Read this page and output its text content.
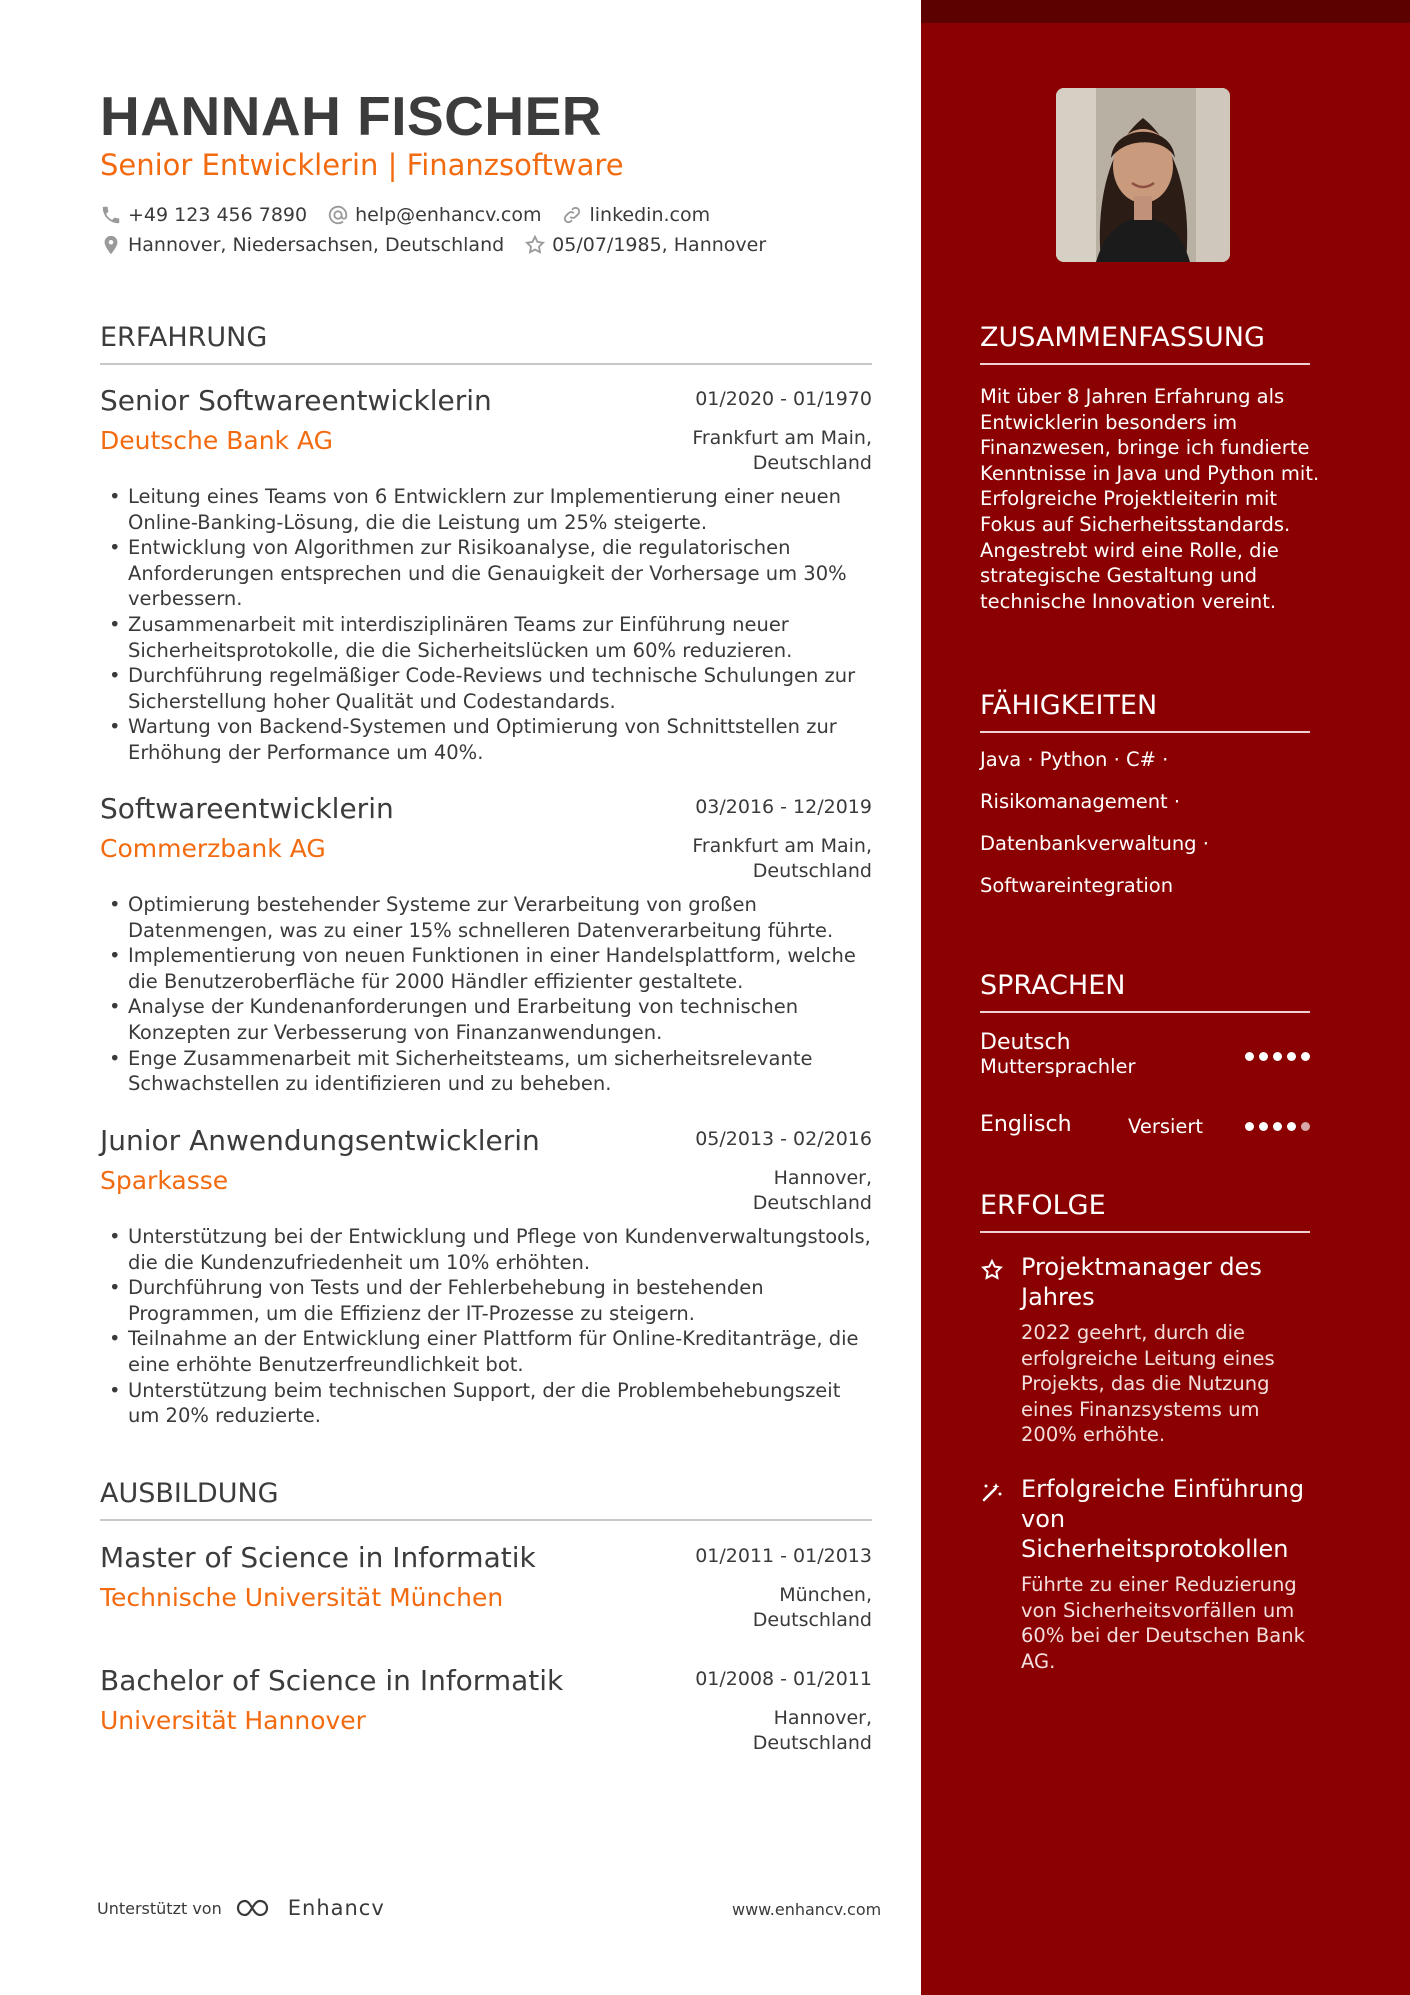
HANNAH FISCHER
Senior Entwicklerin | Finanzsoftware
+49 123 456 7890	help@enhancv.com	linkedin.com
Hannover, Niedersachsen, Deutschland	05/07/1985, Hannover
ERFAHRUNG
Senior Softwareentwicklerin	01/2020 - 01/1970
Deutsche Bank AG	Frankfurt am Main,
Deutschland
• Leitung eines Teams von 6 Entwicklern zur Implementierung einer neuen Online-Banking-Lösung, die die Leistung um 25% steigerte.
• Entwicklung von Algorithmen zur Risikoanalyse, die regulatorischen Anforderungen entsprechen und die Genauigkeit der Vorhersage um 30% verbessern.
• Zusammenarbeit mit interdisziplinären Teams zur Einführung neuer Sicherheitsprotokolle, die die Sicherheitslücken um 60% reduzieren.
• Durchführung regelmäßiger Code-Reviews und technische Schulungen zur Sicherstellung hoher Qualität und Codestandards.
• Wartung von Backend-Systemen und Optimierung von Schnittstellen zur Erhöhung der Performance um 40%.
Softwareentwicklerin	03/2016 - 12/2019
Commerzbank AG	Frankfurt am Main,
Deutschland
• Optimierung bestehender Systeme zur Verarbeitung von großen Datenmengen, was zu einer 15% schnelleren Datenverarbeitung führte.
• Implementierung von neuen Funktionen in einer Handelsplattform, welche die Benutzeroberfläche für 2000 Händler effizienter gestaltete.
• Analyse der Kundenanforderungen und Erarbeitung von technischen Konzepten zur Verbesserung von Finanzanwendungen.
• Enge Zusammenarbeit mit Sicherheitsteams, um sicherheitsrelevante Schwachstellen zu identifizieren und zu beheben.
Junior Anwendungsentwicklerin	05/2013 - 02/2016
Sparkasse	Hannover,
Deutschland
• Unterstützung bei der Entwicklung und Pflege von Kundenverwaltungstools, die die Kundenzufriedenheit um 10% erhöhten.
• Durchführung von Tests und der Fehlerbehebung in bestehenden Programmen, um die Effizienz der IT-Prozesse zu steigern.
• Teilnahme an der Entwicklung einer Plattform für Online-Kreditanträge, die eine erhöhte Benutzerfreundlichkeit bot.
• Unterstützung beim technischen Support, der die Problembehebungszeit um 20% reduzierte.
AUSBILDUNG
Master of Science in Informatik	01/2011 - 01/2013
Technische Universität München	München,
Deutschland
Bachelor of Science in Informatik	01/2008 - 01/2011
Universität Hannover	Hannover,
Deutschland
Unterstützt von	Enhancv	www.enhancv.com
ZUSAMMENFASSUNG
Mit über 8 Jahren Erfahrung als Entwicklerin besonders im Finanzwesen, bringe ich fundierte Kenntnisse in Java und Python mit. Erfolgreiche Projektleiterin mit Fokus auf Sicherheitsstandards. Angestrebt wird eine Rolle, die strategische Gestaltung und technische Innovation vereint.
FÄHIGKEITEN
Java · Python · C# ·
Risikomanagement ·
Datenbankverwaltung ·
Softwareintegration
SPRACHEN
Deutsch
Muttersprachler
Englisch	Versiert
ERFOLGE
Projektmanager des Jahres
2022 geehrt, durch die erfolgreiche Leitung eines Projekts, das die Nutzung eines Finanzsystems um 200% erhöhte.
Erfolgreiche Einführung von Sicherheitsprotokollen
Führte zu einer Reduzierung von Sicherheitsvorfällen um 60% bei der Deutschen Bank AG.
